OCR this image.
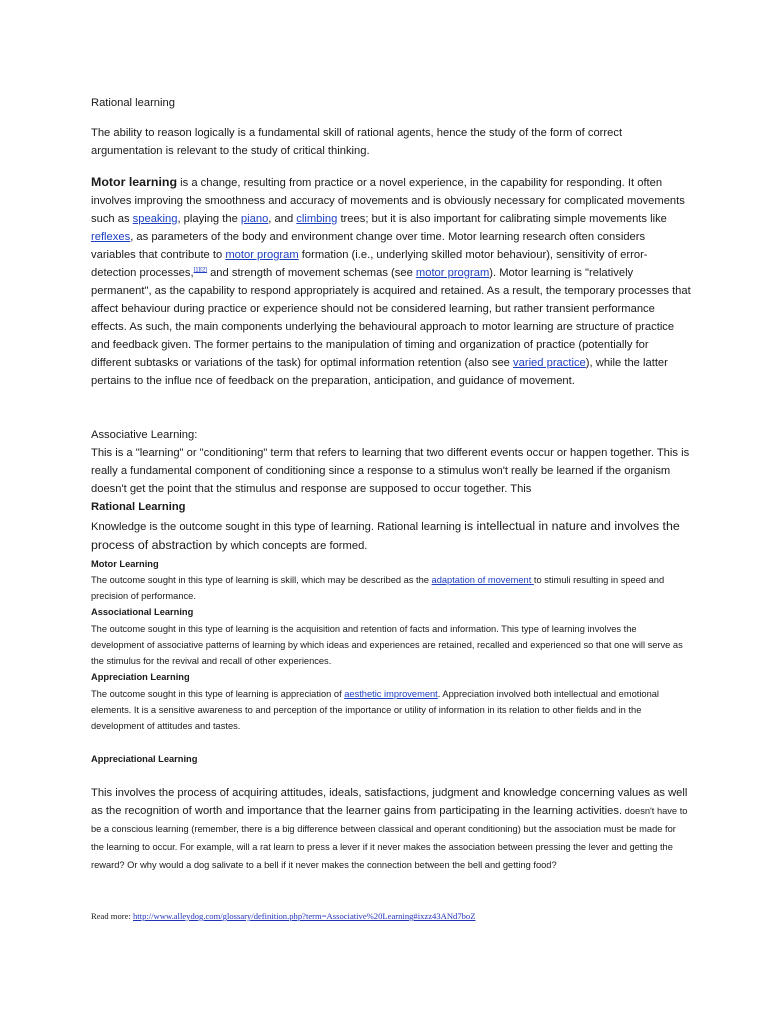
Rational learning

The ability to reason logically is a fundamental skill of rational agents, hence the study of the form of correct argumentation is relevant to the study of critical thinking.

Motor learning is a change, resulting from practice or a novel experience, in the capability for responding. It often involves improving the smoothness and accuracy of movements and is obviously necessary for complicated movements such as speaking, playing the piano, and climbing trees; but it is also important for calibrating simple movements like reflexes, as parameters of the body and environment change over time. Motor learning research often considers variables that contribute to motor program formation (i.e., underlying skilled motor behaviour), sensitivity of error-detection processes,[1][2] and strength of movement schemas (see motor program). Motor learning is "relatively permanent", as the capability to respond appropriately is acquired and retained. As a result, the temporary processes that affect behaviour during practice or experience should not be considered learning, but rather transient performance effects. As such, the main components underlying the behavioural approach to motor learning are structure of practice and feedback given. The former pertains to the manipulation of timing and organization of practice (potentially for different subtasks or variations of the task) for optimal information retention (also see varied practice), while the latter pertains to the influe nce of feedback on the preparation, anticipation, and guidance of movement.

Associative Learning:

This is a "learning" or "conditioning" term that refers to learning that two different events occur or happen together. This is really a fundamental component of conditioning since a response to a stimulus won't really be learned if the organism doesn't get the point that the stimulus and response are supposed to occur together. This

Rational Learning

Knowledge is the outcome sought in this type of learning. Rational learning is intellectual in nature and involves the process of abstraction by which concepts are formed.

Motor Learning

The outcome sought in this type of learning is skill, which may be described as the adaptation of movement to stimuli resulting in speed and precision of performance.

Associational Learning

The outcome sought in this type of learning is the acquisition and retention of facts and information. This type of learning involves the development of associative patterns of learning by which ideas and experiences are retained, recalled and experienced so that one will serve as the stimulus for the revival and recall of other experiences.

Appreciation Learning

The outcome sought in this type of learning is appreciation of aesthetic improvement. Appreciation involved both intellectual and emotional elements. It is a sensitive awareness to and perception of the importance or utility of information in its relation to other fields and in the development of attitudes and tastes.

Appreciational Learning

This involves the process of acquiring attitudes, ideals, satisfactions, judgment and knowledge concerning values as well as the recognition of worth and importance that the learner gains from participating in the learning activities. doesn't have to be a conscious learning (remember, there is a big difference between classical and operant conditioning) but the association must be made for the learning to occur. For example, will a rat learn to press a lever if it never makes the association between pressing the lever and getting the reward? Or why would a dog salivate to a bell if it never makes the connection between the bell and getting food?

Read more: http://www.alleydog.com/glossary/definition.php?term=Associative%20Learning#ixzz43ANd7boZ
